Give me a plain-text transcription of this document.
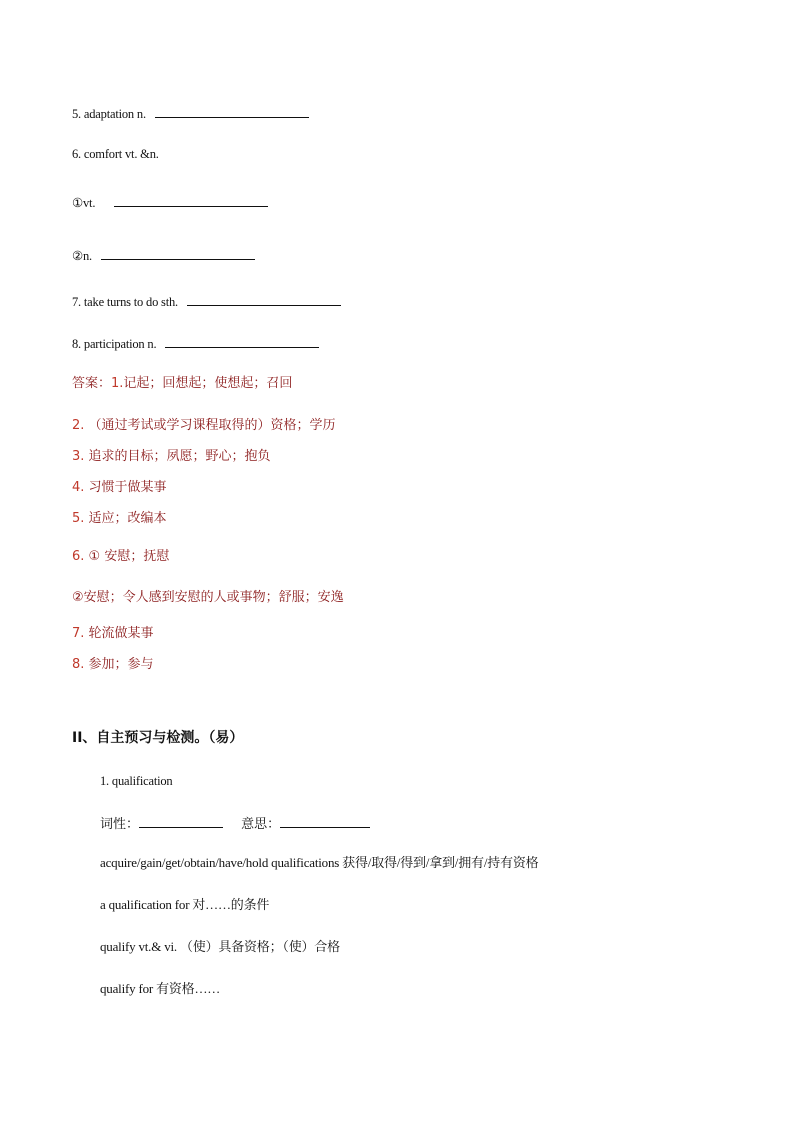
5. adaptation n.
6. comfort vt. &n.
①vt.
②n.
7. take turns to do sth.
8. participation n.
答案：1.记起；回想起；使想起；召回
2. （通过考试或学习课程取得的）资格；学历
3. 追求的目标；夙愿；野心；抱负
4. 习惯于做某事
5. 适应；改编本
6. ① 安慰；抚慰
②安慰；令人感到安慰的人或事物；舒服；安逸
7. 轮流做某事
8. 参加；参与
II、自主预习与检测。（易）
1. qualification
词性：	意思：
acquire/gain/get/obtain/have/hold qualifications 获得/取得/得到/拿到/拥有/持有资格
a qualification for 对……的条件
qualify vt.& vi. （使）具备资格；（使）合格
qualify for 有资格……
